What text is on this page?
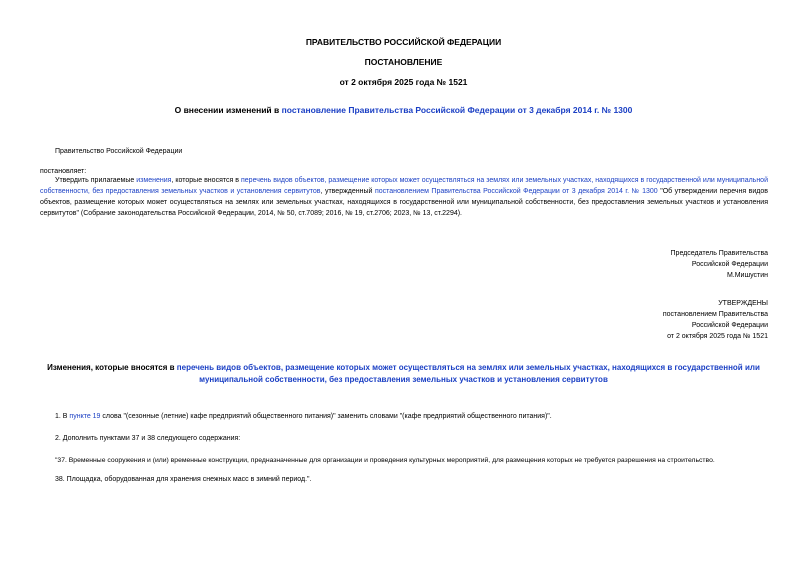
ПРАВИТЕЛЬСТВО РОССИЙСКОЙ ФЕДЕРАЦИИ
ПОСТАНОВЛЕНИЕ
от 2 октября 2025 года № 1521
О внесении изменений в постановление Правительства Российской Федерации от 3 декабря 2014 г. № 1300
Правительство Российской Федерации
постановляет:
Утвердить прилагаемые изменения, которые вносятся в перечень видов объектов, размещение которых может осуществляться на землях или земельных участках, находящихся в государственной или муниципальной собственности, без предоставления земельных участков и установления сервитутов, утвержденный постановлением Правительства Российской Федерации от 3 декабря 2014 г. № 1300 "Об утверждении перечня видов объектов, размещение которых может осуществляться на землях или земельных участках, находящихся в государственной или муниципальной собственности, без предоставления земельных участков и установления сервитутов" (Собрание законодательства Российской Федерации, 2014, № 50, ст.7089; 2016, № 19, ст.2706; 2023, № 13, ст.2294).
Председатель Правительства
Российской Федерации
М.Мишустин
УТВЕРЖДЕНЫ
постановлением Правительства
Российской Федерации
от 2 октября 2025 года № 1521
Изменения, которые вносятся в перечень видов объектов, размещение которых может осуществляться на землях или земельных участках, находящихся в государственной или муниципальной собственности, без предоставления земельных участков и установления сервитутов
1. В пункте 19 слова "(сезонные (летние) кафе предприятий общественного питания)" заменить словами "(кафе предприятий общественного питания)".
2. Дополнить пунктами 37 и 38 следующего содержания:
"37. Временные сооружения и (или) временные конструкции, предназначенные для организации и проведения культурных мероприятий, для размещения которых не требуется разрешения на строительство.
38. Площадка, оборудованная для хранения снежных масс в зимний период.".
